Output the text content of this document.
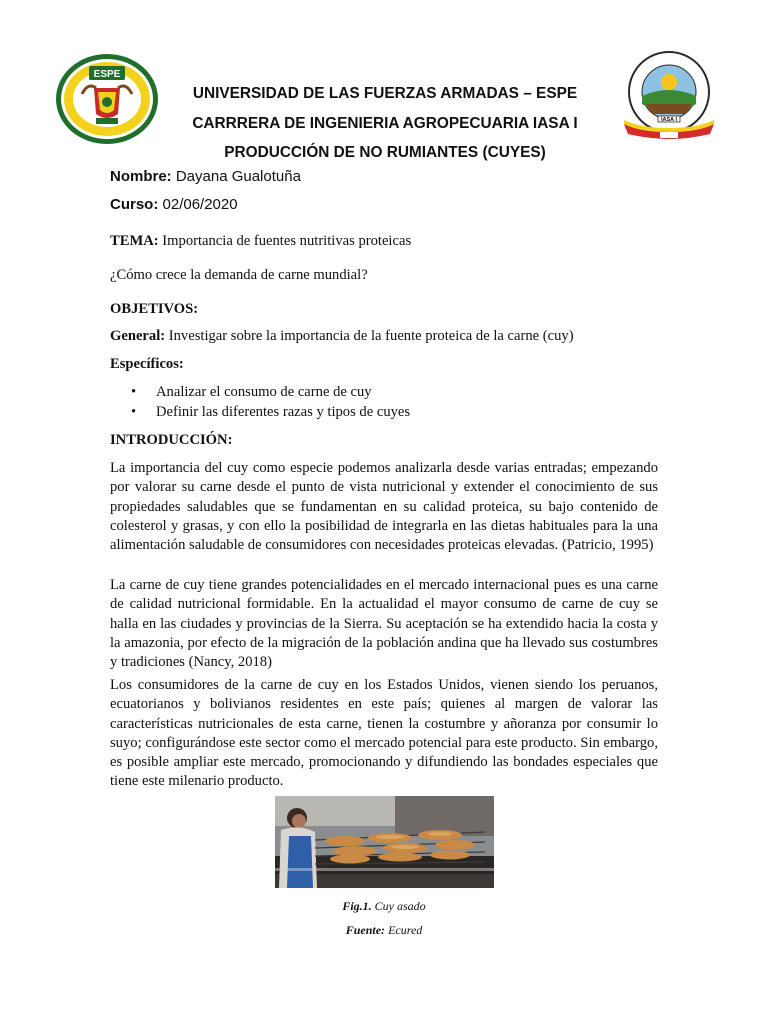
ESPE
IASA I
UNIVERSIDAD DE LAS FUERZAS ARMADAS – ESPE
CARRRERA DE INGENIERIA AGROPECUARIA IASA I
PRODUCCIÓN DE NO RUMIANTES (CUYES)
Nombre: Dayana Gualotuña
Curso: 02/06/2020
TEMA: Importancia de fuentes nutritivas proteicas
¿Cómo crece la demanda de carne mundial?
OBJETIVOS:
General: Investigar sobre la importancia de la fuente proteica de la carne (cuy)
Específicos:
• Analizar el consumo de carne de cuy
• Definir las diferentes razas y tipos de cuyes
INTRODUCCIÓN:
La importancia del cuy como especie podemos analizarla desde varias entradas; empezando por valorar su carne desde el punto de vista nutricional y extender el conocimiento de sus propiedades saludables que se fundamentan en su calidad proteica, su bajo contenido de colesterol y grasas, y con ello la posibilidad de integrarla en las dietas habituales para la una alimentación saludable de consumidores con necesidades proteicas elevadas. (Patricio, 1995)
La carne de cuy tiene grandes potencialidades en el mercado internacional pues es una carne de calidad nutricional formidable. En la actualidad el mayor consumo de carne de cuy se halla en las ciudades y provincias de la Sierra. Su aceptación se ha extendido hacia la costa y la amazonia, por efecto de la migración de la población andina que ha llevado sus costumbres y tradiciones (Nancy, 2018)
Los consumidores de la carne de cuy en los Estados Unidos, vienen siendo los peruanos, ecuatorianos y bolivianos residentes en este país; quienes al margen de valorar las características nutricionales de esta carne, tienen la costumbre y añoranza por consumir lo suyo; configurándose este sector como el mercado potencial para este producto. Sin embargo, es posible ampliar este mercado, promocionando y difundiendo las bondades especiales que tiene este milenario producto.
Fig.1. Cuy asado
Fuente: Ecured
